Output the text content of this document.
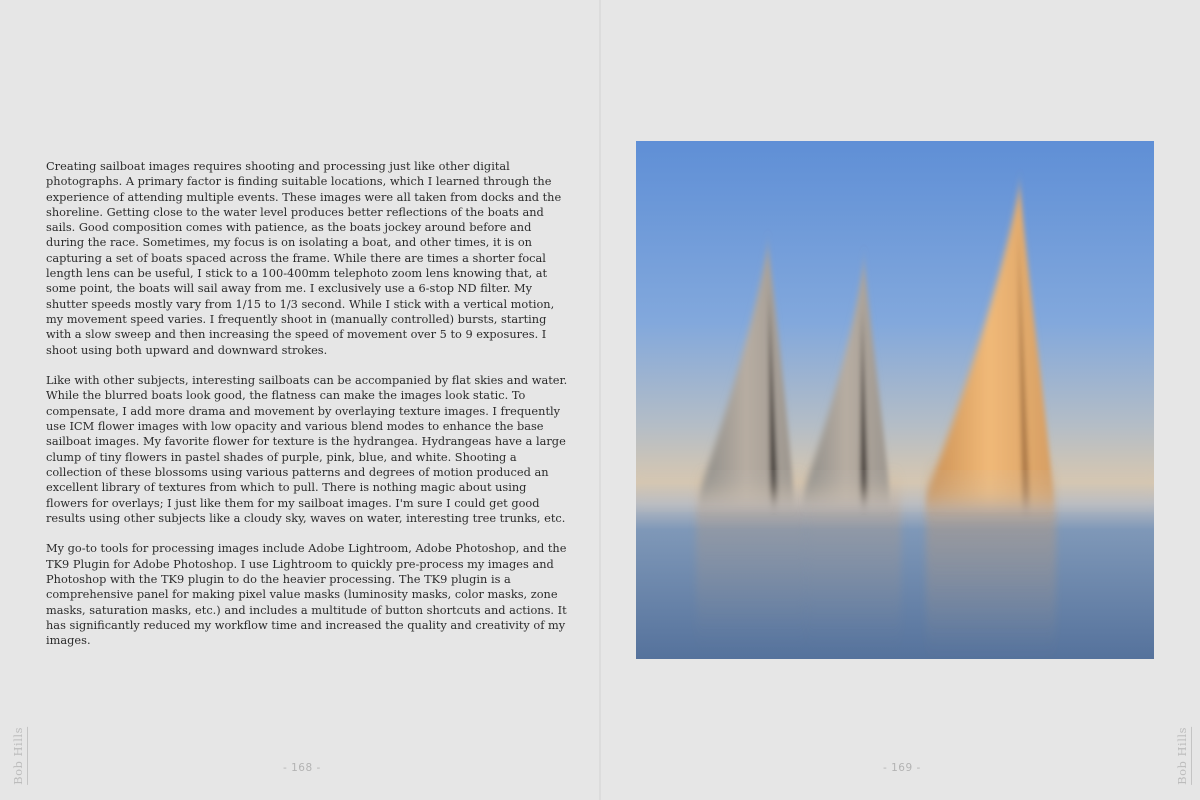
Creating sailboat images requires shooting and processing just like other digital photographs. A primary factor is finding suitable locations, which I learned through the experience of attending multiple events. These images were all taken from docks and the shoreline. Getting close to the water level produces better reflections of the boats and sails. Good composition comes with patience, as the boats jockey around before and during the race. Sometimes, my focus is on isolating a boat, and other times, it is on capturing a set of boats spaced across the frame. While there are times a shorter focal length lens can be useful, I stick to a 100-400mm telephoto zoom lens knowing that, at some point, the boats will sail away from me. I exclusively use a 6-stop ND filter. My shutter speeds mostly vary from 1/15 to 1/3 second. While I stick with a vertical motion, my movement speed varies. I frequently shoot in (manually controlled) bursts, starting with a slow sweep and then increasing the speed of movement over 5 to 9 exposures. I shoot using both upward and downward strokes.

Like with other subjects, interesting sailboats can be accompanied by flat skies and water. While the blurred boats look good, the flatness can make the images look static. To compensate, I add more drama and movement by overlaying texture images. I frequently use ICM flower images with low opacity and various blend modes to enhance the base sailboat images. My favorite flower for texture is the hydrangea. Hydrangeas have a large clump of tiny flowers in pastel shades of purple, pink, blue, and white. Shooting a collection of these blossoms using various patterns and degrees of motion produced an excellent library of textures from which to pull. There is nothing magic about using flowers for overlays; I just like them for my sailboat images. I'm sure I could get good results using other subjects like a cloudy sky, waves on water, interesting tree trunks, etc.

My go-to tools for processing images include Adobe Lightroom, Adobe Photoshop, and the TK9 Plugin for Adobe Photoshop. I use Lightroom to quickly pre-process my images and Photoshop with the TK9 plugin to do the heavier processing. The TK9 plugin is a comprehensive panel for making pixel value masks (luminosity masks, color masks, zone masks, saturation masks, etc.) and includes a multitude of button shortcuts and actions. It has significantly reduced my workflow time and increased the quality and creativity of my images.

Bob Hills	- 168 -	- 169 -	Bob Hills
